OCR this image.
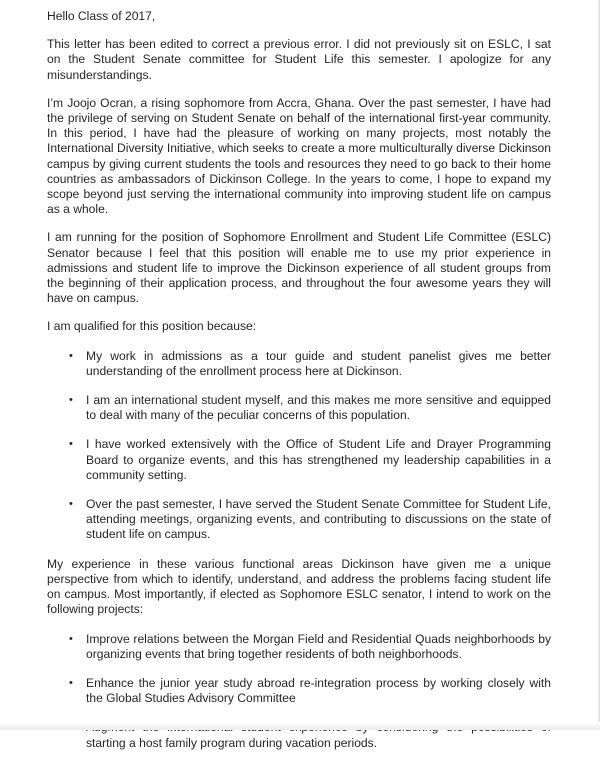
Hello Class of 2017,

This letter has been edited to correct a previous error. I did not previously sit on ESLC, I sat on the Student Senate committee for Student Life this semester. I apologize for any misunderstandings.

I’m Joojo Ocran, a rising sophomore from Accra, Ghana. Over the past semester, I have had the privilege of serving on Student Senate on behalf of the international first-year community. In this period, I have had the pleasure of working on many projects, most notably the International Diversity Initiative, which seeks to create a more multiculturally diverse Dickinson campus by giving current students the tools and resources they need to go back to their home countries as ambassadors of Dickinson College. In the years to come, I hope to expand my scope beyond just serving the international community into improving student life on campus as a whole.

I am running for the position of Sophomore Enrollment and Student Life Committee (ESLC) Senator because I feel that this position will enable me to use my prior experience in admissions and student life to improve the Dickinson experience of all student groups from the beginning of their application process, and throughout the four awesome years they will have on campus.

I am qualified for this position because:

• My work in admissions as a tour guide and student panelist gives me better understanding of the enrollment process here at Dickinson.
• I am an international student myself, and this makes me more sensitive and equipped to deal with many of the peculiar concerns of this population.
• I have worked extensively with the Office of Student Life and Drayer Programming Board to organize events, and this has strengthened my leadership capabilities in a community setting.
• Over the past semester, I have served the Student Senate Committee for Student Life, attending meetings, organizing events, and contributing to discussions on the state of student life on campus.

My experience in these various functional areas Dickinson have given me a unique perspective from which to identify, understand, and address the problems facing student life on campus. Most importantly, if elected as Sophomore ESLC senator, I intend to work on the following projects:

• Improve relations between the Morgan Field and Residential Quads neighborhoods by organizing events that bring together residents of both neighborhoods.
• Enhance the junior year study abroad re-integration process by working closely with the Global Studies Advisory Committee
starting a host family program during vacation periods.
